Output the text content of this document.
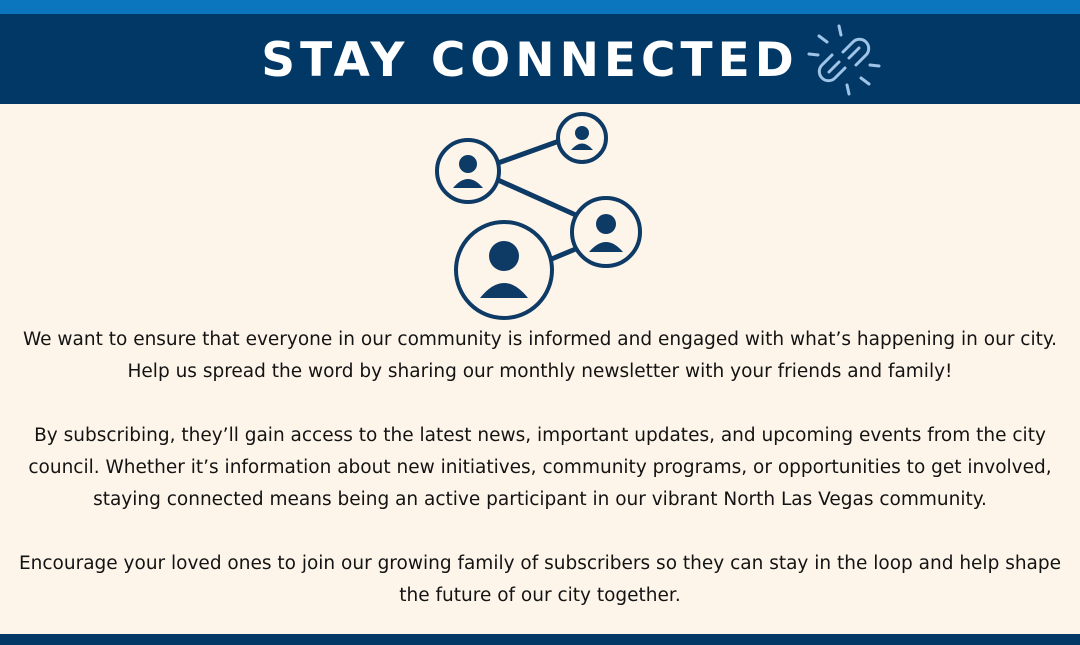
STAY CONNECTED

We want to ensure that everyone in our community is informed and engaged with what’s happening in our city. Help us spread the word by sharing our monthly newsletter with your friends and family!

By subscribing, they’ll gain access to the latest news, important updates, and upcoming events from the city council. Whether it’s information about new initiatives, community programs, or opportunities to get involved, staying connected means being an active participant in our vibrant North Las Vegas community.

Encourage your loved ones to join our growing family of subscribers so they can stay in the loop and help shape the future of our city together.
